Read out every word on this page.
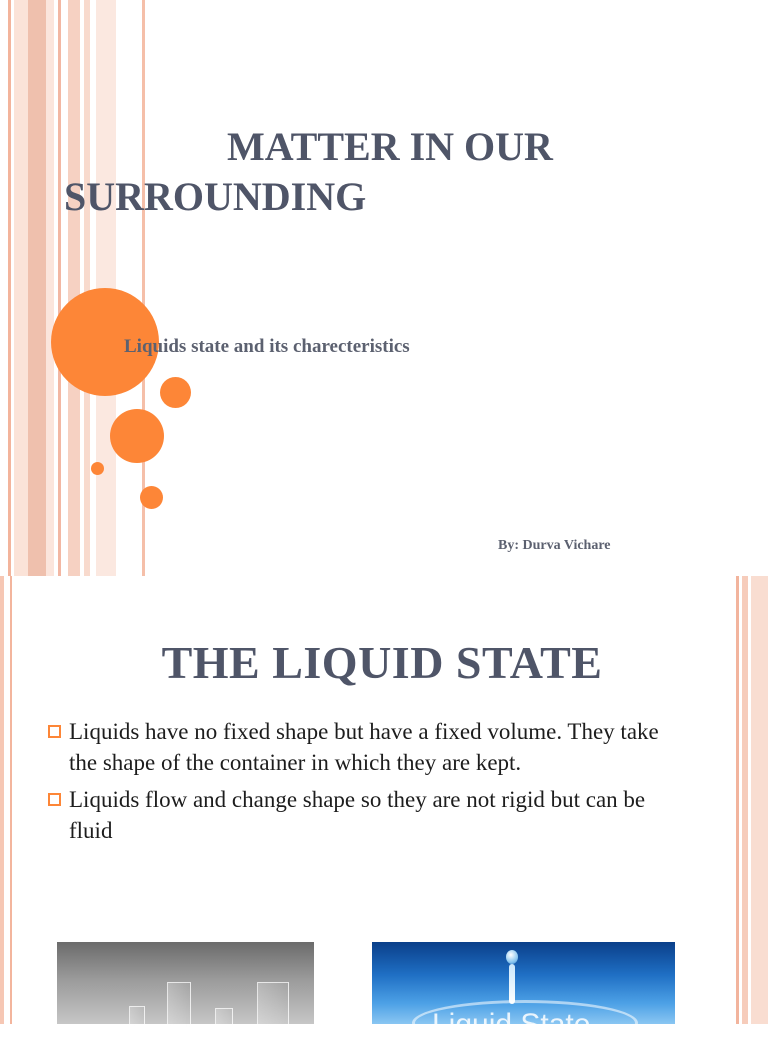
MATTER IN OUR
SURROUNDING

Liquids state and its charecteristics

By: Durva Vichare

THE LIQUID STATE
Liquids have no fixed shape but have a fixed volume. They take the shape of the container in which they are kept.
Liquids flow and change shape so they are not rigid but can be fluid
Liquid State
